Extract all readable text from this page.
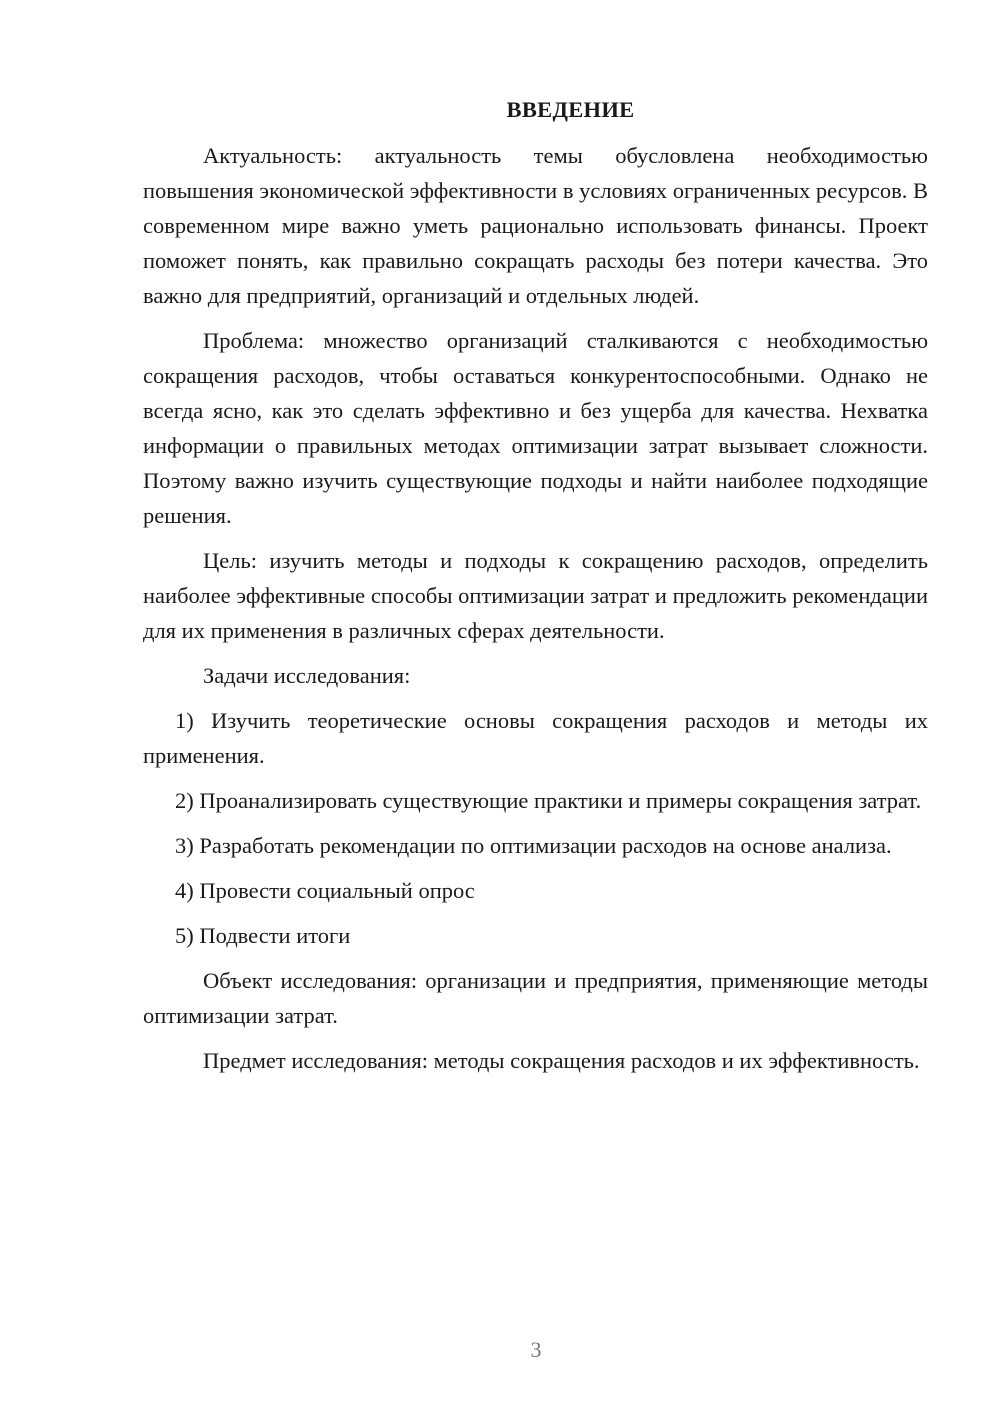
ВВЕДЕНИЕ

Актуальность: актуальность темы обусловлена необходимостью повышения экономической эффективности в условиях ограниченных ресурсов. В современном мире важно уметь рационально использовать финансы. Проект поможет понять, как правильно сокращать расходы без потери качества. Это важно для предприятий, организаций и отдельных людей.

Проблема: множество организаций сталкиваются с необходимостью сокращения расходов, чтобы оставаться конкурентоспособными. Однако не всегда ясно, как это сделать эффективно и без ущерба для качества. Нехватка информации о правильных методах оптимизации затрат вызывает сложности. Поэтому важно изучить существующие подходы и найти наиболее подходящие решения.

Цель: изучить методы и подходы к сокращению расходов, определить наиболее эффективные способы оптимизации затрат и предложить рекомендации для их применения в различных сферах деятельности.

Задачи исследования:

1) Изучить теоретические основы сокращения расходов и методы их применения.

2) Проанализировать существующие практики и примеры сокращения затрат.

3) Разработать рекомендации по оптимизации расходов на основе анализа.

4) Провести социальный опрос

5) Подвести итоги

Объект исследования: организации и предприятия, применяющие методы оптимизации затрат.

Предмет исследования: методы сокращения расходов и их эффективность.

3
